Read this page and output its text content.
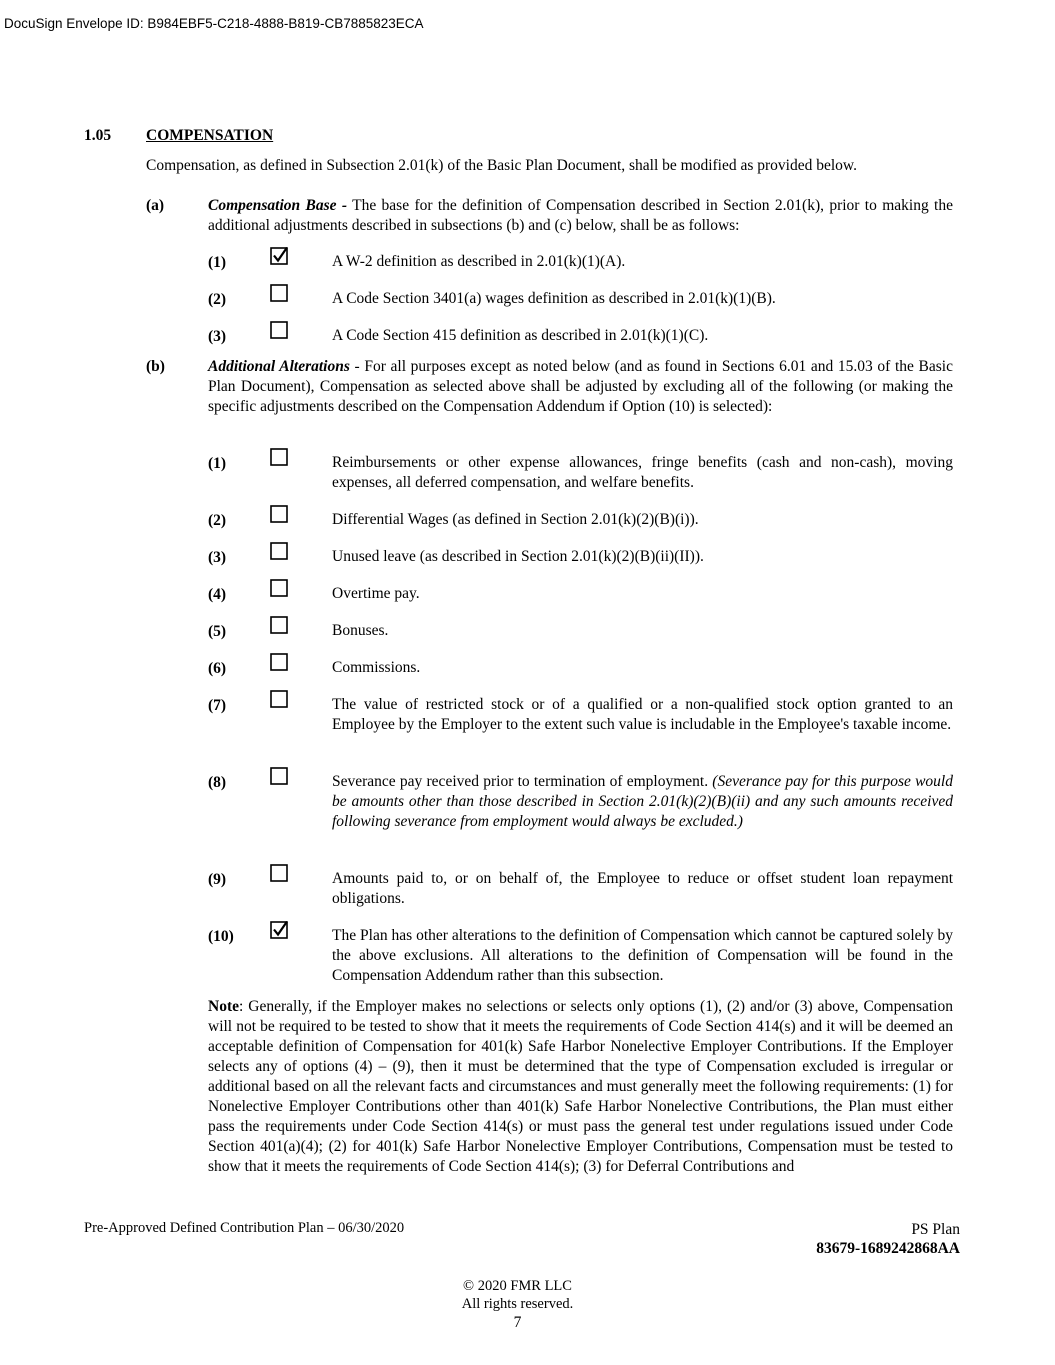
DocuSign Envelope ID: B984EBF5-C218-4888-B819-CB7885823ECA
1.05 COMPENSATION
Compensation, as defined in Subsection 2.01(k) of the Basic Plan Document, shall be modified as provided below.
(a)	Compensation Base - The base for the definition of Compensation described in Section 2.01(k), prior to making the additional adjustments described in subsections (b) and (c) below, shall be as follows:
(1)	A W-2 definition as described in 2.01(k)(1)(A).
(2)	A Code Section 3401(a) wages definition as described in 2.01(k)(1)(B).
(3)	A Code Section 415 definition as described in 2.01(k)(1)(C).
(b)	Additional Alterations - For all purposes except as noted below (and as found in Sections 6.01 and 15.03 of the Basic Plan Document), Compensation as selected above shall be adjusted by excluding all of the following (or making the specific adjustments described on the Compensation Addendum if Option (10) is selected):
(1)	Reimbursements or other expense allowances, fringe benefits (cash and non-cash), moving expenses, all deferred compensation, and welfare benefits.
(2)	Differential Wages (as defined in Section 2.01(k)(2)(B)(i)).
(3)	Unused leave (as described in Section 2.01(k)(2)(B)(ii)(II)).
(4)	Overtime pay.
(5)	Bonuses.
(6)	Commissions.
(7)	The value of restricted stock or of a qualified or a non-qualified stock option granted to an Employee by the Employer to the extent such value is includable in the Employee's taxable income.
(8)	Severance pay received prior to termination of employment. (Severance pay for this purpose would be amounts other than those described in Section 2.01(k)(2)(B)(ii) and any such amounts received following severance from employment would always be excluded.)
(9)	Amounts paid to, or on behalf of, the Employee to reduce or offset student loan repayment obligations.
(10)	The Plan has other alterations to the definition of Compensation which cannot be captured solely by the above exclusions. All alterations to the definition of Compensation will be found in the Compensation Addendum rather than this subsection.
Note: Generally, if the Employer makes no selections or selects only options (1), (2) and/or (3) above, Compensation will not be required to be tested to show that it meets the requirements of Code Section 414(s) and it will be deemed an acceptable definition of Compensation for 401(k) Safe Harbor Nonelective Employer Contributions. If the Employer selects any of options (4) – (9), then it must be determined that the type of Compensation excluded is irregular or additional based on all the relevant facts and circumstances and must generally meet the following requirements: (1) for Nonelective Employer Contributions other than 401(k) Safe Harbor Nonelective Contributions, the Plan must either pass the requirements under Code Section 414(s) or must pass the general test under regulations issued under Code Section 401(a)(4); (2) for 401(k) Safe Harbor Nonelective Employer Contributions, Compensation must be tested to show that it meets the requirements of Code Section 414(s); (3) for Deferral Contributions and
Pre-Approved Defined Contribution Plan – 06/30/2020	PS Plan
83679-1689242868AA
© 2020 FMR LLC
All rights reserved.
7
